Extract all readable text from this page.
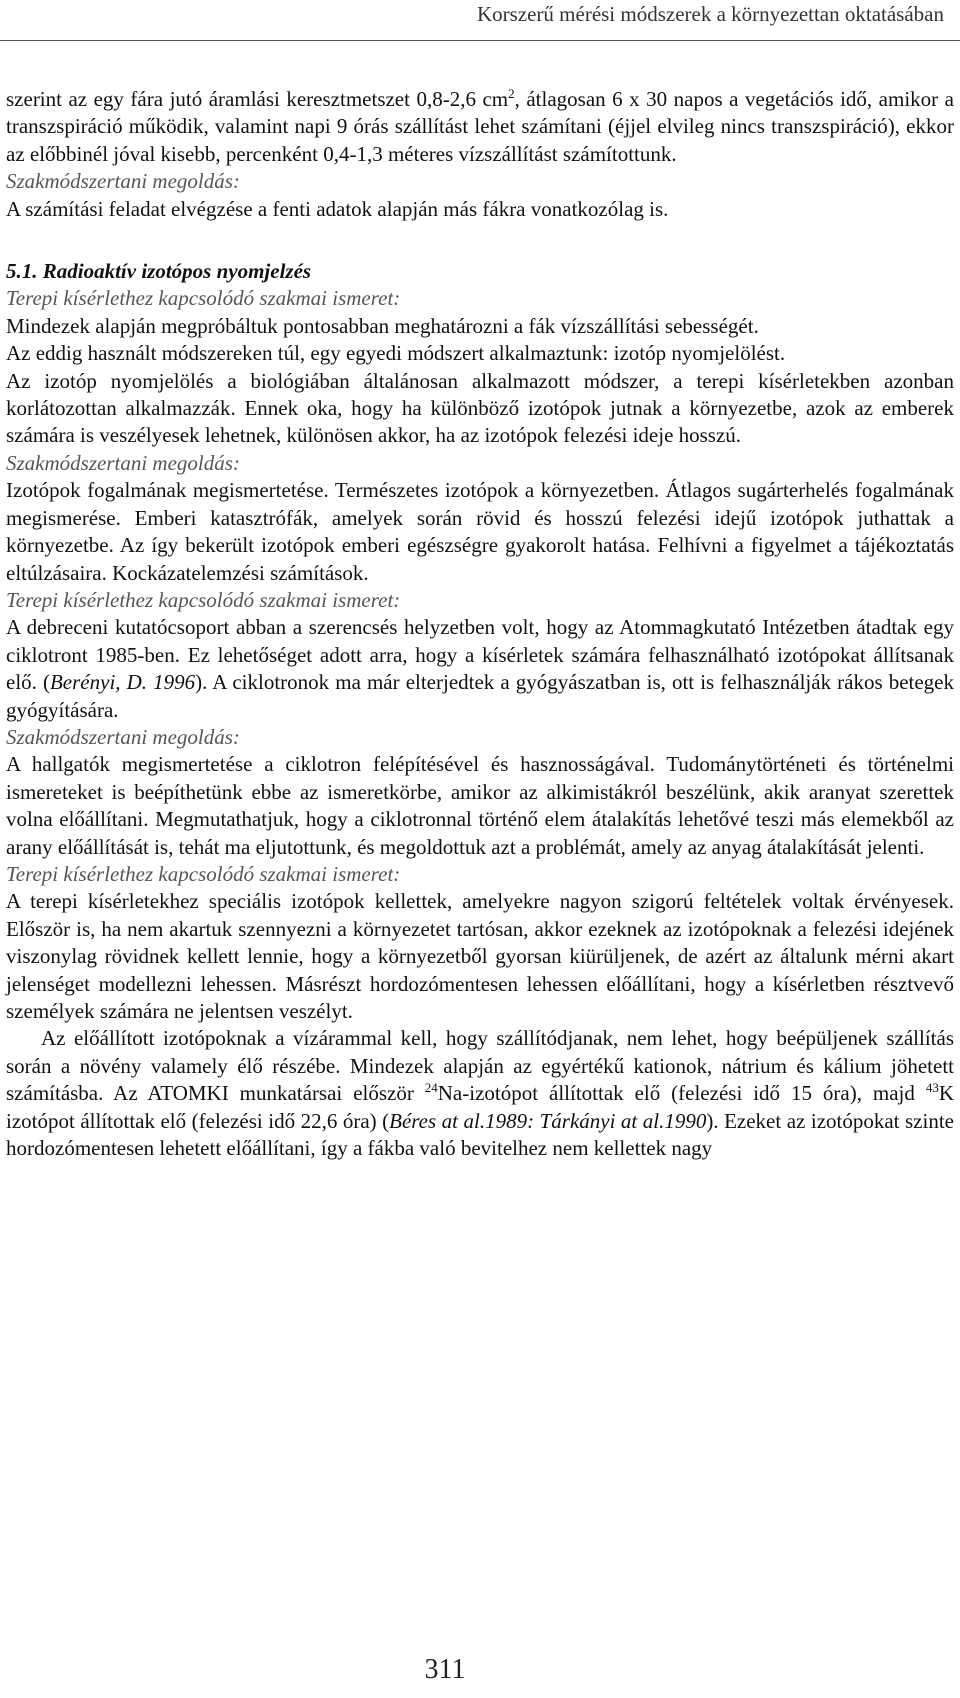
Korszerű mérési módszerek a környezettan oktatásában

szerint az egy fára jutó áramlási keresztmetszet 0,8-2,6 $cm^2$, átlagosan 6 x 30 napos a vegetációs idő, amikor a transzspiráció működik, valamint napi 9 órás szállítást lehet számítani (éjjel elvileg nincs transzspiráció), ekkor az előbbinél jóval kisebb, percenként 0,4-1,3 méteres vízszállítást számítottunk.

Szakmódszertani megoldás:

A számítási feladat elvégzése a fenti adatok alapján más fákra vonatkozólag is.

5.1. Radioaktív izotópos nyomjelzés

Terepi kísérlethez kapcsolódó szakmai ismeret:

Mindezek alapján megpróbáltuk pontosabban meghatározni a fák vízszállítási sebességét.

Az eddig használt módszereken túl, egy egyedi módszert alkalmaztunk: izotóp nyomjelölést.

Az izotóp nyomjelölés a biológiában általánosan alkalmazott módszer, a terepi kísérletekben azonban korlátozottan alkalmazzák. Ennek oka, hogy ha különböző izotópok jutnak a környezetbe, azok az emberek számára is veszélyesek lehetnek, különösen akkor, ha az izotópok felezési ideje hosszú.

Szakmódszertani megoldás:

Izotópok fogalmának megismertetése. Természetes izotópok a környezetben. Átlagos sugárterhelés fogalmának megismerése. Emberi katasztrófák, amelyek során rövid és hosszú felezési idejű izotópok juthattak a környezetbe. Az így bekerült izotópok emberi egészségre gyakorolt hatása. Felhívni a figyelmet a tájékoztatás eltúlzásaira. Kockázatelemzési számítások.

Terepi kísérlethez kapcsolódó szakmai ismeret:

A debreceni kutatócsoport abban a szerencsés helyzetben volt, hogy az Atommagkutató Intézetben átadtak egy ciklotront 1985-ben. Ez lehetőséget adott arra, hogy a kísérletek számára felhasználható izotópokat állítsanak elő. (Berényi, D. 1996). A ciklotronok ma már elterjedtek a gyógyászatban is, ott is felhasználják rákos betegek gyógyítására.

Szakmódszertani megoldás:

A hallgatók megismertetése a ciklotron felépítésével és hasznosságával. Tudománytörténeti és történelmi ismereteket is beépíthetünk ebbe az ismeretkörbe, amikor az alkimistákról beszélünk, akik aranyat szerettek volna előállítani. Megmutathatjuk, hogy a ciklotronnal történő elem átalakítás lehetővé teszi más elemekből az arany előállítását is, tehát ma eljutottunk, és megoldottuk azt a problémát, amely az anyag átalakítását jelenti.

Terepi kísérlethez kapcsolódó szakmai ismeret:

A terepi kísérletekhez speciális izotópok kellettek, amelyekre nagyon szigorú feltételek voltak érvényesek. Először is, ha nem akartuk szennyezni a környezetet tartósan, akkor ezeknek az izotópoknak a felezési idejének viszonylag rövidnek kellett lennie, hogy a környezetből gyorsan kiürüljenek, de azért az általunk mérni akart jelenséget modellezni lehessen. Másrészt hordozómentesen lehessen előállítani, hogy a kísérletben résztvevő személyek számára ne jelentsen veszélyt.

Az előállított izotópoknak a vízárammal kell, hogy szállítódjanak, nem lehet, hogy beépüljenek szállítás során a növény valamely élő részébe. Mindezek alapján az egyértékű kationok, nátrium és kálium jöhetett számításba. Az ATOMKI munkatársai először $^{24}$Na-izotópot állítottak elő (felezési idő 15 óra), majd $^{43}$K izotópot állítottak elő (felezési idő 22,6 óra) (Béres at al.1989: Tárkányi at al.1990). Ezeket az izotópokat szinte hordozómentesen lehetett előállítani, így a fákba való bevitelhez nem kellettek nagy

311
